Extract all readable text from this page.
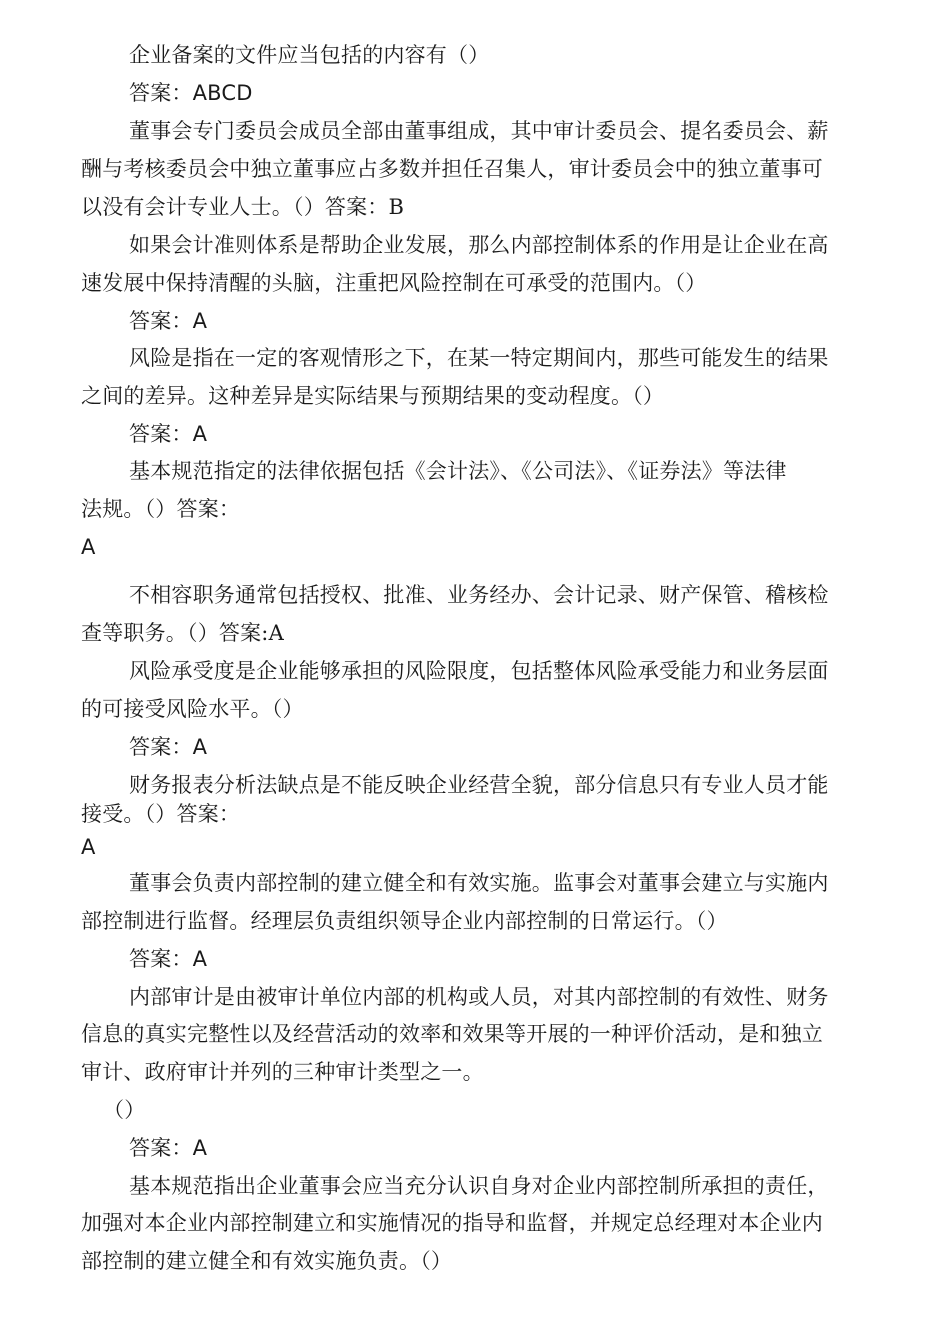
企业备案的文件应当包括的内容有（）
答案：ABCD
董事会专门委员会成员全部由董事组成，其中审计委员会、提名委员会、薪
酬与考核委员会中独立董事应占多数并担任召集人，审计委员会中的独立董事可
以没有会计专业人士。（）答案：B
如果会计准则体系是帮助企业发展，那么内部控制体系的作用是让企业在高
速发展中保持清醒的头脑，注重把风险控制在可承受的范围内。（）
答案：A
风险是指在一定的客观情形之下，在某一特定期间内，那些可能发生的结果
之间的差异。这种差异是实际结果与预期结果的变动程度。（）
答案：A
基本规范指定的法律依据包括《会计法》、《公司法》、《证券法》等法律
法规。（）答案：
A
不相容职务通常包括授权、批准、业务经办、会计记录、财产保管、稽核检
查等职务。（）答案:A
风险承受度是企业能够承担的风险限度，包括整体风险承受能力和业务层面
的可接受风险水平。（）
答案：A
财务报表分析法缺点是不能反映企业经营全貌，部分信息只有专业人员才能
接受。（）答案：
A
董事会负责内部控制的建立健全和有效实施。监事会对董事会建立与实施内
部控制进行监督。经理层负责组织领导企业内部控制的日常运行。（）
答案：A
内部审计是由被审计单位内部的机构或人员，对其内部控制的有效性、财务
信息的真实完整性以及经营活动的效率和效果等开展的一种评价活动，是和独立
审计、政府审计并列的三种审计类型之一。
（）
答案：A
基本规范指出企业董事会应当充分认识自身对企业内部控制所承担的责任，
加强对本企业内部控制建立和实施情况的指导和监督，并规定总经理对本企业内
部控制的建立健全和有效实施负责。（）
